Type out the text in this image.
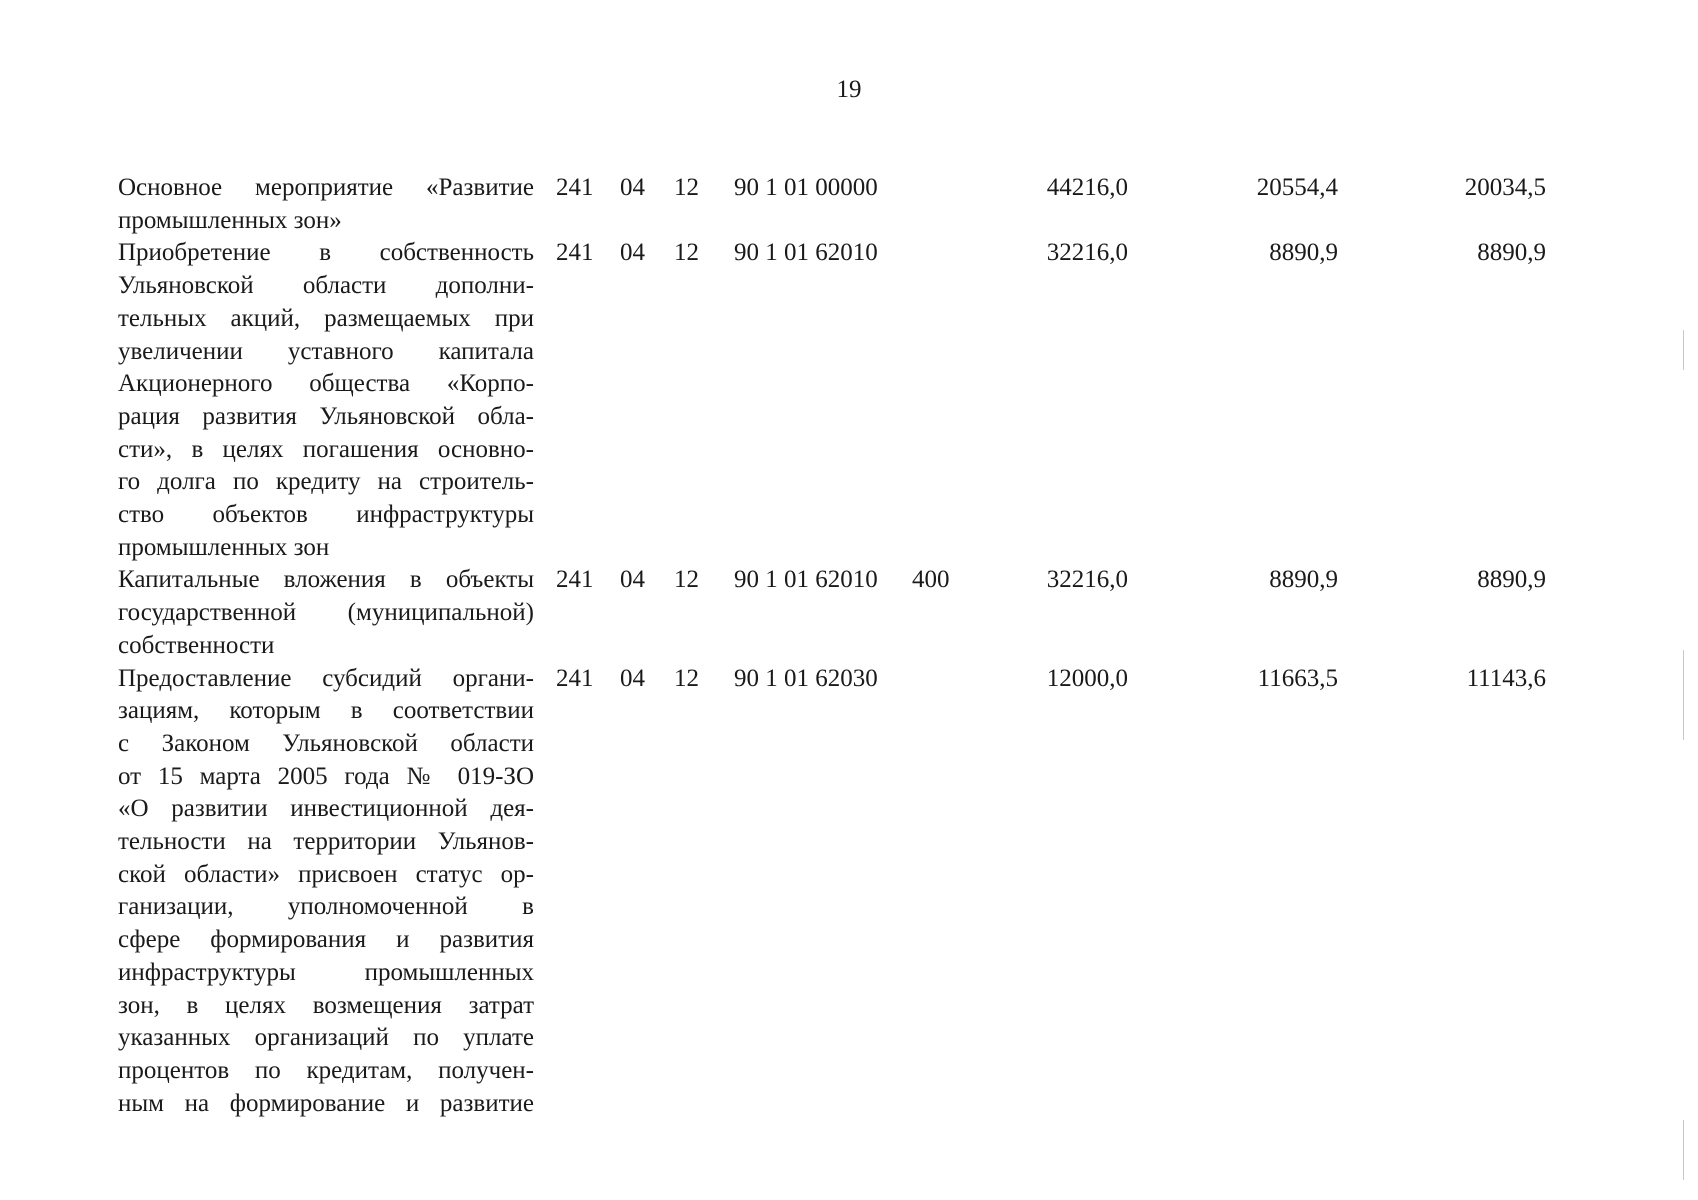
19
Основное мероприятие «Развитие
промышленных зон»
241 04 12 90 1 01 00000	44216,0	20554,4	20034,5
Приобретение в собственность
Ульяновской области дополни-
тельных акций, размещаемых при
увеличении уставного капитала
Акционерного общества «Корпо-
рация развития Ульяновской обла-
сти», в целях погашения основно-
го долга по кредиту на строитель-
ство объектов инфраструктуры
промышленных зон
241 04 12 90 1 01 62010	32216,0	8890,9	8890,9
Капитальные вложения в объекты
государственной (муниципальной)
собственности
241 04 12 90 1 01 62010 400	32216,0	8890,9	8890,9
Предоставление субсидий органи-
зациям, которым в соответствии
с Законом Ульяновской области
от 15 марта 2005 года № 019-ЗО
«О развитии инвестиционной дея-
тельности на территории Ульянов-
ской области» присвоен статус ор-
ганизации, уполномоченной в
сфере формирования и развития
инфраструктуры промышленных
зон, в целях возмещения затрат
указанных организаций по уплате
процентов по кредитам, получен-
ным на формирование и развитие
241 04 12 90 1 01 62030	12000,0	11663,5	11143,6
